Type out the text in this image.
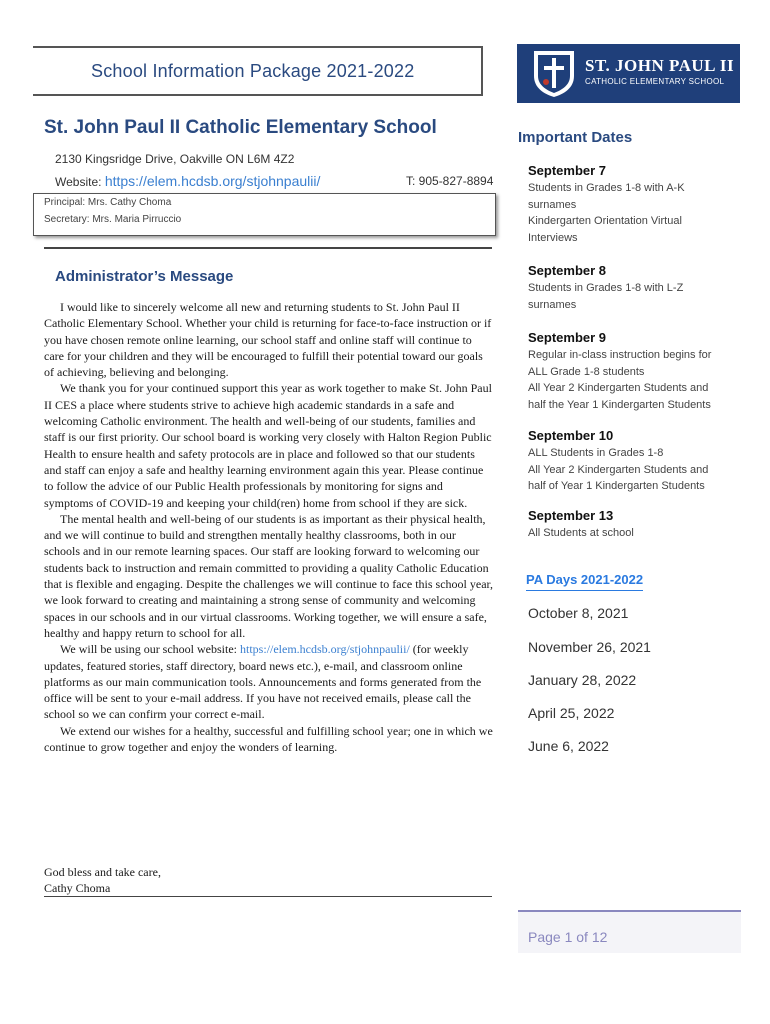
School Information Package 2021-2022	ST. JOHN PAUL II
CATHOLIC ELEMENTARY SCHOOL
St. John Paul II Catholic Elementary School
2130 Kingsridge Drive, Oakville ON L6M 4Z2
Website: https://elem.hcdsb.org/stjohnpaulii/	T: 905-827-8894
Principal: Mrs. Cathy Choma
Secretary: Mrs. Maria Pirruccio
Administrator’s Message

I would like to sincerely welcome all new and returning students to St. John Paul II Catholic Elementary School. Whether your child is returning for face-to-face instruction or if you have chosen remote online learning, our school staff and online staff will continue to care for your children and they will be encouraged to fulfill their potential toward our goals of achieving, believing and belonging.

We thank you for your continued support this year as work together to make St. John Paul II CES a place where students strive to achieve high academic standards in a safe and welcoming Catholic environment. The health and well-being of our students, families and staff is our first priority. Our school board is working very closely with Halton Region Public Health to ensure health and safety protocols are in place and followed so that our students and staff can enjoy a safe and healthy learning environment again this year. Please continue to follow the advice of our Public Health professionals by monitoring for signs and symptoms of COVID-19 and keeping your child(ren) home from school if they are sick.

The mental health and well-being of our students is as important as their physical health, and we will continue to build and strengthen mentally healthy classrooms, both in our schools and in our remote learning spaces. Our staff are looking forward to welcoming our students back to instruction and remain committed to providing a quality Catholic Education that is flexible and engaging. Despite the challenges we will continue to face this school year, we look forward to creating and maintaining a strong sense of community and welcoming spaces in our schools and in our virtual classrooms. Working together, we will ensure a safe, healthy and happy return to school for all.

We will be using our school website: https://elem.hcdsb.org/stjohnpaulii/ (for weekly updates, featured stories, staff directory, board news etc.), e-mail, and classroom online platforms as our main communication tools. Announcements and forms generated from the office will be sent to your e-mail address. If you have not received emails, please call the school so we can confirm your correct e-mail.

We extend our wishes for a healthy, successful and fulfilling school year; one in which we continue to grow together and enjoy the wonders of learning.

God bless and take care,
Cathy Choma
Important Dates
September 7
Students in Grades 1-8 with A-K
surnames
Kindergarten Orientation Virtual
Interviews
September 8
Students in Grades 1-8 with L-Z
surnames
September 9
Regular in-class instruction begins for
ALL Grade 1-8 students
All Year 2 Kindergarten Students and
half the Year 1 Kindergarten Students
September 10
ALL Students in Grades 1-8
All Year 2 Kindergarten Students and
half of Year 1 Kindergarten Students
September 13
All Students at school
PA Days 2021-2022
October 8, 2021
November 26, 2021
January 28, 2022
April 25, 2022
June 6, 2022
Page 1 of 12
